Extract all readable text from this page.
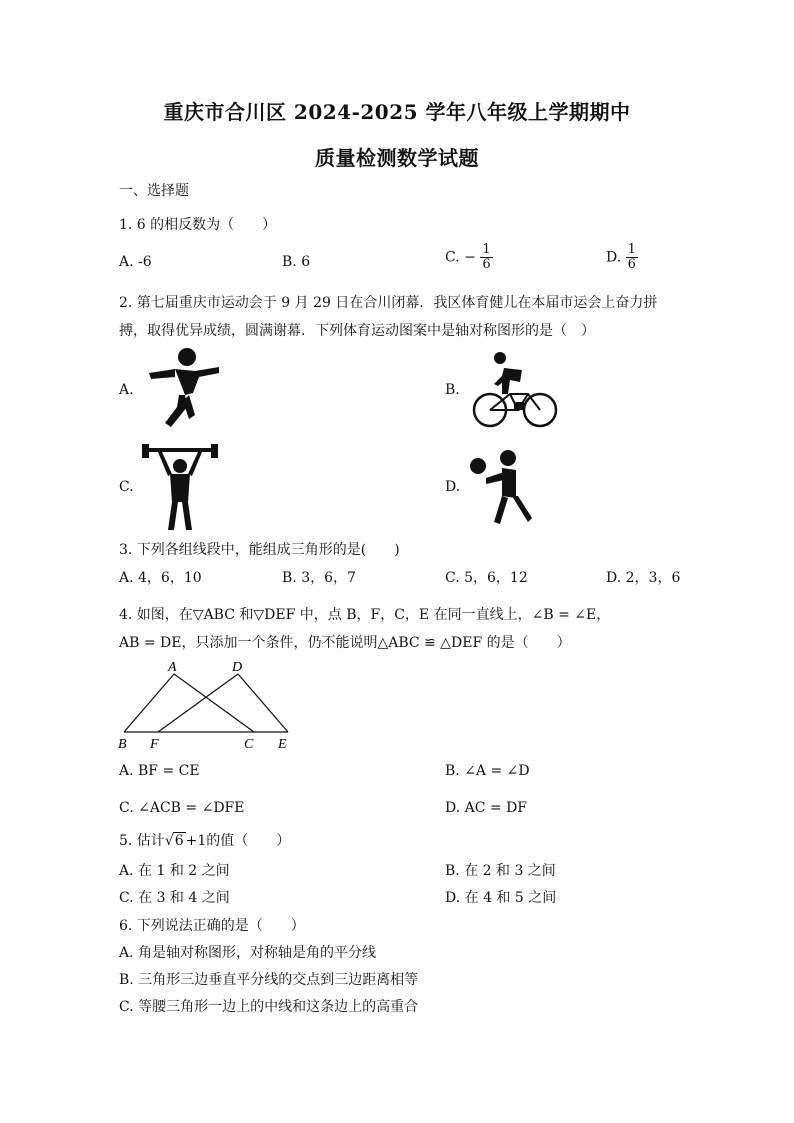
重庆市合川区 2024-2025 学年八年级上学期期中
质量检测数学试题
一、选择题
1. 6 的相反数为（　　）
A. -6	B. 6	C. − $\frac{1}{6}$	D. $\frac{1}{6}$
2. 第七届重庆市运动会于 9 月 29 日在合川闭幕．我区体育健儿在本届市运会上奋力拼
搏，取得优异成绩，圆满谢幕．下列体育运动图案中是轴对称图形的是（　）
A.	B.
C.	D.
3. 下列各组线段中，能组成三角形的是(　　)
A. 4，6，10	B. 3，6，7	C. 5，6，12	D. 2，3，6
4. 如图，在▽ABC 和▽DEF 中，点 B，F，C，E 在同一直线上，∠B = ∠E，
AB = DE，只添加一个条件，仍不能说明△ABC ≌ △DEF 的是（　　）
A	D
B F	C E
A. BF = CE	B. ∠A = ∠D
C. ∠ACB = ∠DFE	D. AC = DF
5. 估计√6 +1的值（　　）
A. 在 1 和 2 之间	B. 在 2 和 3 之间
C. 在 3 和 4 之间	D. 在 4 和 5 之间
6. 下列说法正确的是（　　）
A. 角是轴对称图形，对称轴是角的平分线
B. 三角形三边垂直平分线的交点到三边距离相等
C. 等腰三角形一边上的中线和这条边上的高重合
